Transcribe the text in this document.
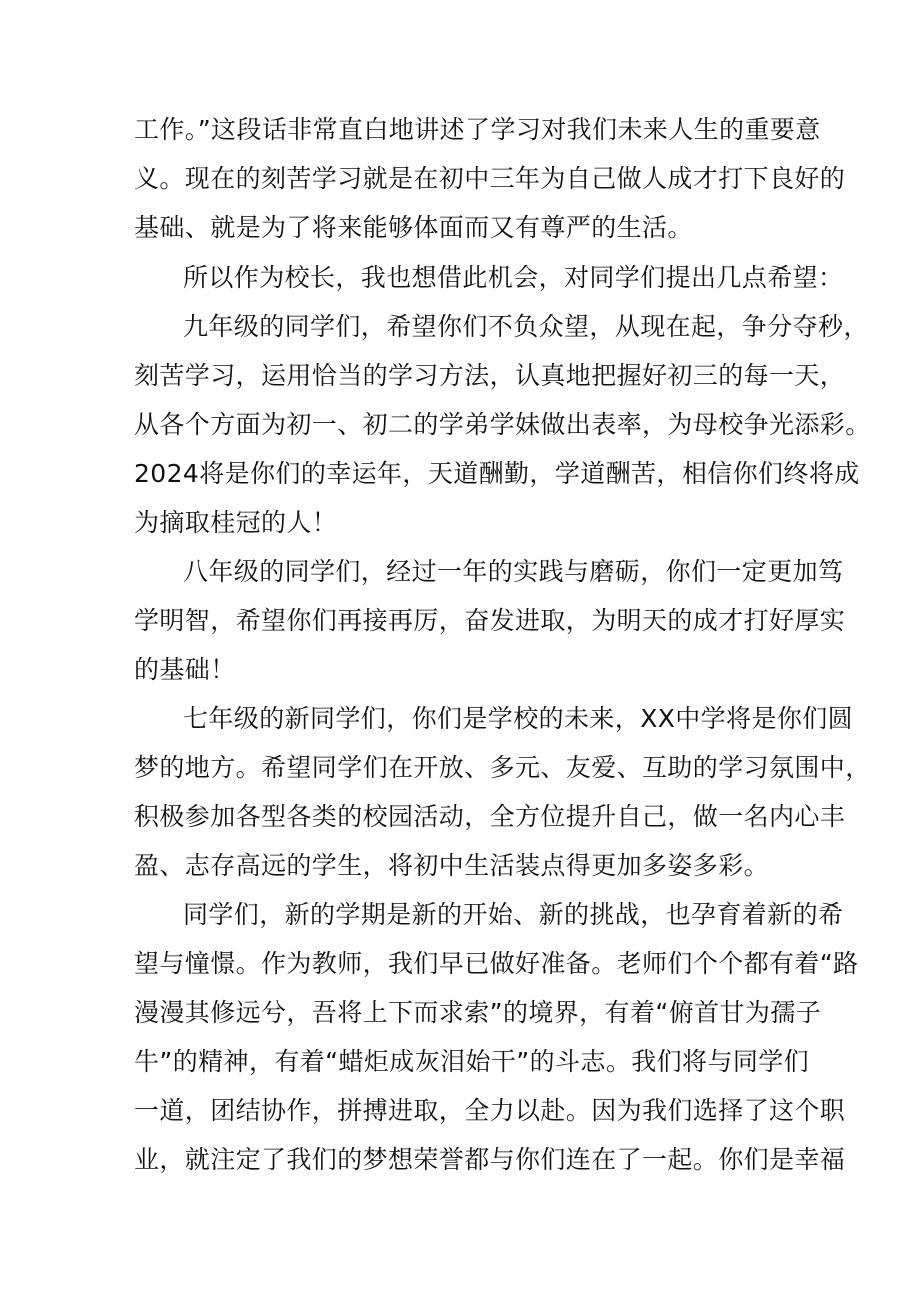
工作。”这段话非常直白地讲述了学习对我们未来人生的重要意
义。现在的刻苦学习就是在初中三年为自己做人成才打下良好的
基础、就是为了将来能够体面而又有尊严的生活。
所以作为校长，我也想借此机会，对同学们提出几点希望：
九年级的同学们，希望你们不负众望，从现在起，争分夺秒，
刻苦学习，运用恰当的学习方法，认真地把握好初三的每一天，
从各个方面为初一、初二的学弟学妹做出表率，为母校争光添彩。
2024将是你们的幸运年，天道酬勤，学道酬苦，相信你们终将成
为摘取桂冠的人！
八年级的同学们，经过一年的实践与磨砺，你们一定更加笃
学明智，希望你们再接再厉，奋发进取，为明天的成才打好厚实
的基础！
七年级的新同学们，你们是学校的未来，XX中学将是你们圆
梦的地方。希望同学们在开放、多元、友爱、互助的学习氛围中，
积极参加各型各类的校园活动，全方位提升自己，做一名内心丰
盈、志存高远的学生，将初中生活装点得更加多姿多彩。
同学们，新的学期是新的开始、新的挑战，也孕育着新的希
望与憧憬。作为教师，我们早已做好准备。老师们个个都有着“路
漫漫其修远兮，吾将上下而求索”的境界，有着“俯首甘为孺子
牛”的精神，有着“蜡炬成灰泪始干”的斗志。我们将与同学们
一道，团结协作，拼搏进取，全力以赴。因为我们选择了这个职
业，就注定了我们的梦想荣誉都与你们连在了一起。你们是幸福
